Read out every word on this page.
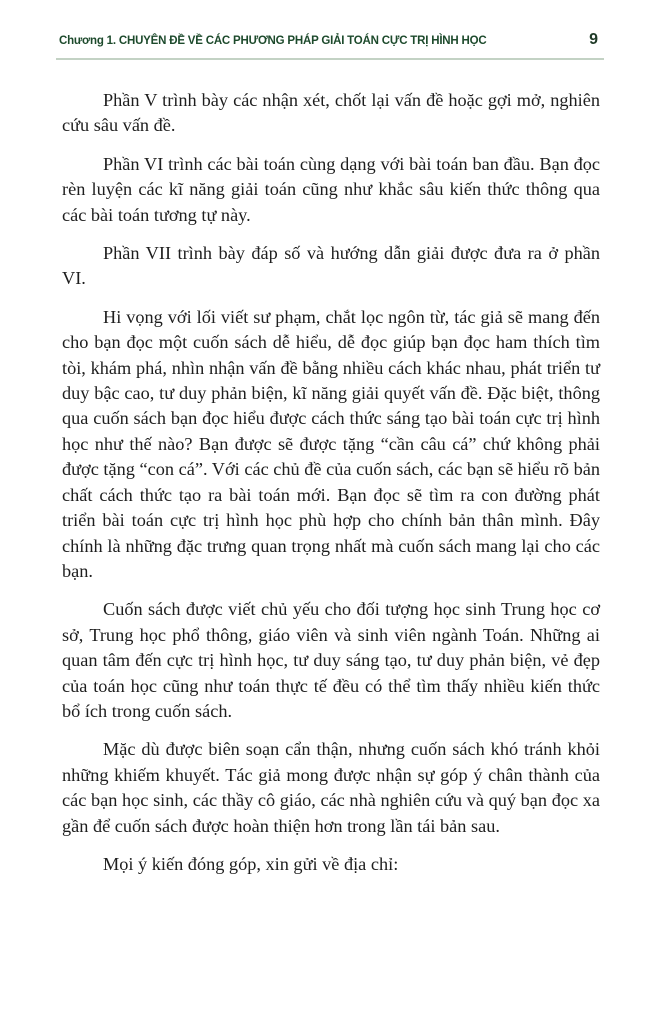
Chương 1. CHUYÊN ĐỀ VỀ CÁC PHƯƠNG PHÁP GIẢI TOÁN CỰC TRỊ HÌNH HỌC	9

Phần V trình bày các nhận xét, chốt lại vấn đề hoặc gợi mở, nghiên cứu sâu vấn đề.

Phần VI trình các bài toán cùng dạng với bài toán ban đầu. Bạn đọc rèn luyện các kĩ năng giải toán cũng như khắc sâu kiến thức thông qua các bài toán tương tự này.

Phần VII trình bày đáp số và hướng dẫn giải được đưa ra ở phần VI.

Hi vọng với lối viết sư phạm, chắt lọc ngôn từ, tác giả sẽ mang đến cho bạn đọc một cuốn sách dễ hiểu, dễ đọc giúp bạn đọc ham thích tìm tòi, khám phá, nhìn nhận vấn đề bằng nhiều cách khác nhau, phát triển tư duy bậc cao, tư duy phản biện, kĩ năng giải quyết vấn đề. Đặc biệt, thông qua cuốn sách bạn đọc hiểu được cách thức sáng tạo bài toán cực trị hình học như thế nào? Bạn được sẽ được tặng “cần câu cá” chứ không phải được tặng “con cá”. Với các chủ đề của cuốn sách, các bạn sẽ hiểu rõ bản chất cách thức tạo ra bài toán mới. Bạn đọc sẽ tìm ra con đường phát triển bài toán cực trị hình học phù hợp cho chính bản thân mình. Đây chính là những đặc trưng quan trọng nhất mà cuốn sách mang lại cho các bạn.

Cuốn sách được viết chủ yếu cho đối tượng học sinh Trung học cơ sở, Trung học phổ thông, giáo viên và sinh viên ngành Toán. Những ai quan tâm đến cực trị hình học, tư duy sáng tạo, tư duy phản biện, vẻ đẹp của toán học cũng như toán thực tế đều có thể tìm thấy nhiều kiến thức bổ ích trong cuốn sách.

Mặc dù được biên soạn cẩn thận, nhưng cuốn sách khó tránh khỏi những khiếm khuyết. Tác giả mong được nhận sự góp ý chân thành của các bạn học sinh, các thầy cô giáo, các nhà nghiên cứu và quý bạn đọc xa gần để cuốn sách được hoàn thiện hơn trong lần tái bản sau.

Mọi ý kiến đóng góp, xin gửi về địa chỉ:
